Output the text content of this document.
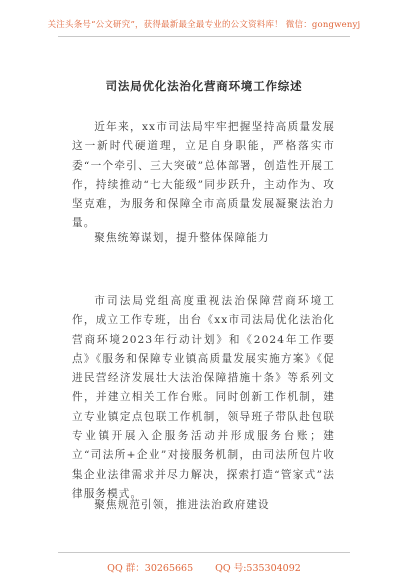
关注头条号“公文研究”，获得最新最全最专业的公文资料库！ 微信：gongwenyj
司法局优化法治化营商环境工作综述

近年来，xx市司法局牢牢把握坚持高质量发展这一新时代硬道理，立足自身职能，严格落实市委“一个牵引、三大突破”总体部署，创造性开展工作，持续推动“七大能级”同步跃升，主动作为、攻坚克难，为服务和保障全市高质量发展凝聚法治力量。

聚焦统筹谋划，提升整体保障能力

市司法局党组高度重视法治保障营商环境工作，成立工作专班，出台《xx市司法局优化法治化营商环境2023年行动计划》和《2024年工作要点》《服务和保障专业镇高质量发展实施方案》《促进民营经济发展壮大法治保障措施十条》等系列文件，并建立相关工作台账。同时创新工作机制，建立专业镇定点包联工作机制，领导班子带队赴包联专业镇开展入企服务活动并形成服务台账；建立“司法所+企业”对接服务机制，由司法所包片收集企业法律需求并尽力解决，探索打造“管家式”法律服务模式。

聚焦规范引领，推进法治政府建设

QQ 群：30265665 QQ 号:535304092
